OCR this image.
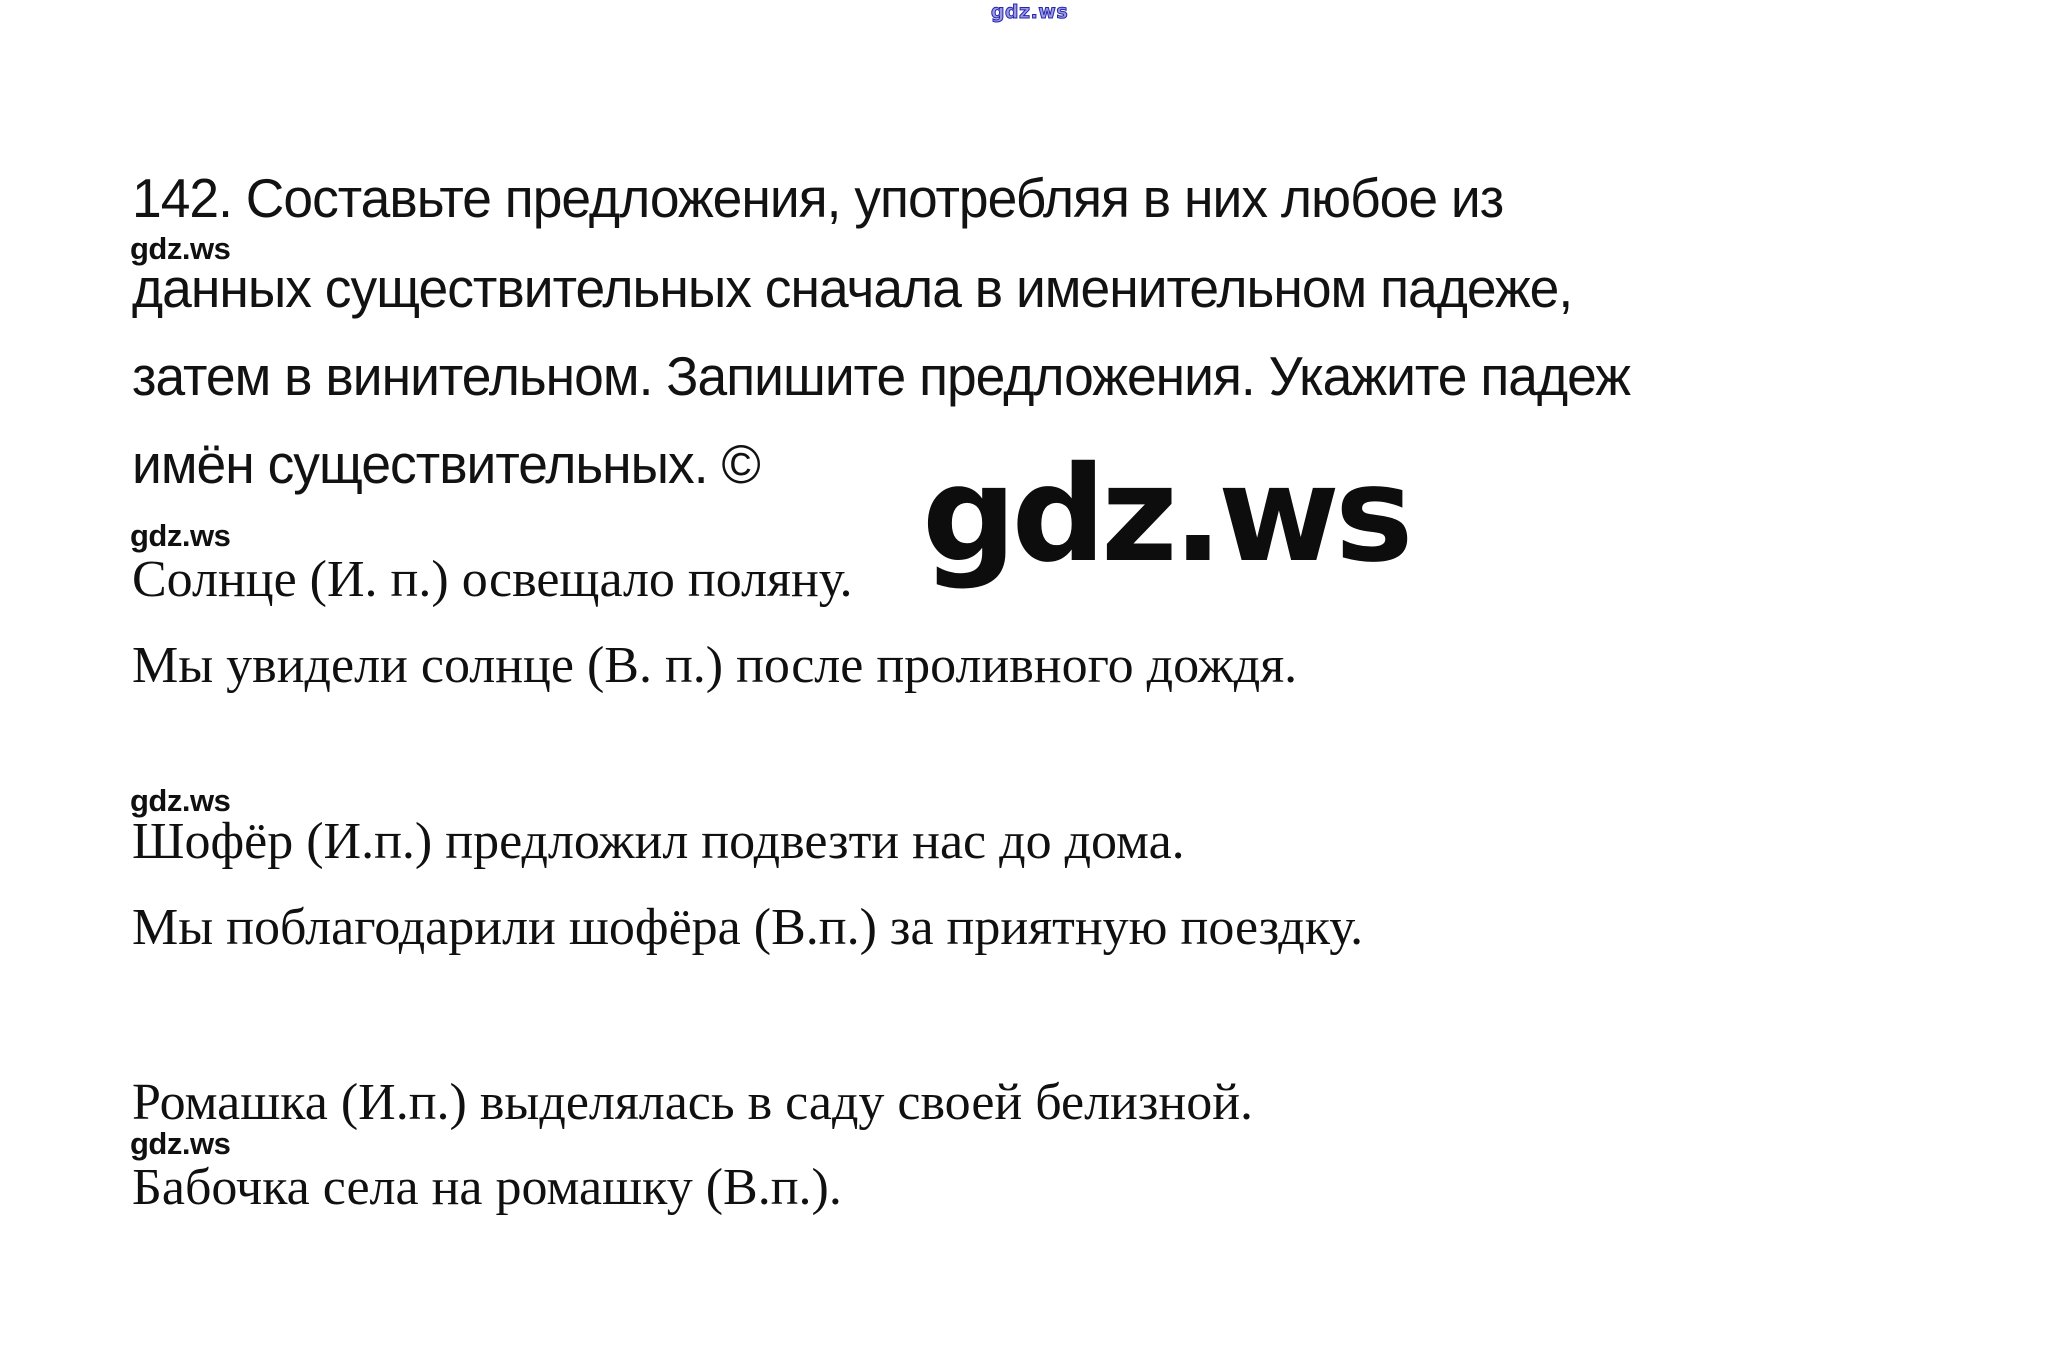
gdz.ws
142. Составьте предложения, употребляя в них любое из
gdz.ws
данных существительных сначала в именительном падеже,
затем в винительном. Запишите предложения. Укажите падеж
имён существительных. © gdz.ws
gdz.ws
Солнце (И. п.) освещало поляну.
Мы увидели солнце (В. п.) после проливного дождя.
gdz.ws
Шофёр (И.п.) предложил подвезти нас до дома.
Мы поблагодарили шофёра (В.п.) за приятную поездку.
Ромашка (И.п.) выделялась в саду своей белизной.
gdz.ws
Бабочка села на ромашку (В.п.).
